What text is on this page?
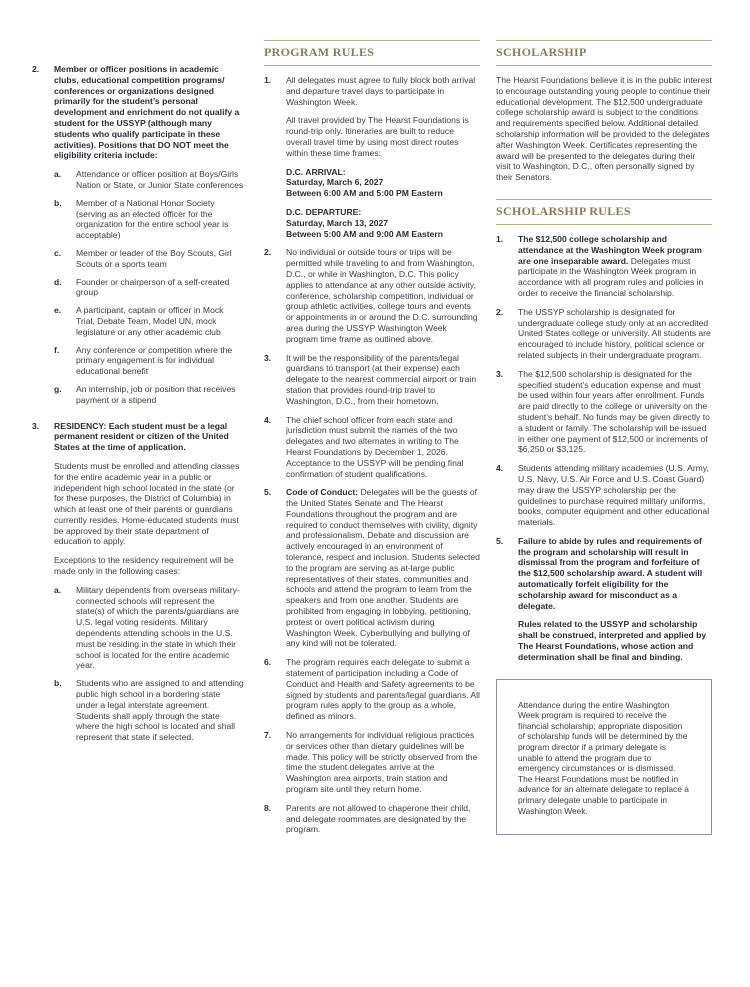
2.	Member or officer positions in academic clubs, educational competition programs/ conferences or organizations designed primarily for the student’s personal development and enrichment do not qualify a student for the USSYP (although many students who qualify participate in these activities). Positions that DO NOT meet the eligibility criteria include:
a.	Attendance or officer position at Boys/Girls Nation or State, or Junior State conferences
b.	Member of a National Honor Society (serving as an elected officer for the organization for the entire school year is acceptable)
c.	Member or leader of the Boy Scouts, Girl Scouts or a sports team
d.	Founder or chairperson of a self-created group
e.	A participant, captain or officer in Mock Trial, Debate Team, Model UN, mock legislature or any other academic club
f.	Any conference or competition where the primary engagement is for individual educational benefit
g.	An internship, job or position that receives payment or a stipend
3.	RESIDENCY: Each student must be a legal permanent resident or citizen of the United States at the time of application.

Students must be enrolled and attending classes for the entire academic year in a public or independent high school located in the state (or for these purposes, the District of Columbia) in which at least one of their parents or guardians currently resides. Home-educated students must be approved by their state department of education to apply.

Exceptions to the residency requirement will be made only in the following cases:

a.	Military dependents from overseas military-connected schools will represent the state(s) of which the parents/guardians are U.S. legal voting residents. Military dependents attending schools in the U.S. must be residing in the state in which their school is located for the entire academic year.
b.	Students who are assigned to and attending public high school in a bordering state under a legal interstate agreement. Students shall apply through the state where the high school is located and shall represent that state if selected.
PROGRAM RULES
1.	All delegates must agree to fully block both arrival and departure travel days to participate in Washington Week.

All travel provided by The Hearst Foundations is round-trip only. Itineraries are built to reduce overall travel time by using most direct routes within these time frames:

D.C. ARRIVAL:
Saturday, March 6, 2027
Between 6:00 AM and 5:00 PM Eastern
D.C. DEPARTURE:
Saturday, March 13, 2027
Between 5:00 AM and 9:00 AM Eastern
2.	No individual or outside tours or trips will be permitted while traveling to and from Washington, D.C., or while in Washington, D.C. This policy applies to attendance at any other outside activity, conference, scholarship competition, individual or group athletic activities, college tours and events or appointments in or around the D.C. surrounding area during the USSYP Washington Week program time frame as outlined above.
3.	It will be the responsibility of the parents/legal guardians to transport (at their expense) each delegate to the nearest commercial airport or train station that provides round-trip travel to Washington, D.C., from their hometown.
4.	The chief school officer from each state and jurisdiction must submit the names of the two delegates and two alternates in writing to The Hearst Foundations by December 1, 2026. Acceptance to the USSYP will be pending final confirmation of student qualifications.
5.	Code of Conduct: Delegates will be the guests of the United States Senate and The Hearst Foundations throughout the program and are required to conduct themselves with civility, dignity and professionalism. Debate and discussion are actively encouraged in an environment of tolerance, respect and inclusion. Students selected to the program are serving as at-large public representatives of their states, communities and schools and attend the program to learn from the speakers and from one another. Students are prohibited from engaging in lobbying, petitioning, protest or overt political activism during Washington Week. Cyberbullying and bullying of any kind will not be tolerated.
6.	The program requires each delegate to submit a statement of participation including a Code of Conduct and Health and Safety agreements to be signed by students and parents/legal guardians. All program rules apply to the group as a whole, defined as minors.
7.	No arrangements for individual religious practices or services other than dietary guidelines will be made. This policy will be strictly observed from the time the student delegates arrive at the Washington area airports, train station and program site until they return home.
8.	Parents are not allowed to chaperone their child, and delegate roommates are designated by the program.
SCHOLARSHIP
The Hearst Foundations believe it is in the public interest to encourage outstanding young people to continue their educational development. The $12,500 undergraduate college scholarship award is subject to the conditions and requirements specified below. Additional detailed scholarship information will be provided to the delegates after Washington Week. Certificates representing the award will be presented to the delegates during their visit to Washington, D.C., often personally signed by their Senators.
SCHOLARSHIP RULES
1.	The $12,500 college scholarship and attendance at the Washington Week program are one inseparable award. Delegates must participate in the Washington Week program in accordance with all program rules and policies in order to receive the financial scholarship.
2.	The USSYP scholarship is designated for undergraduate college study only at an accredited United States college or university. All students are encouraged to include history, political science or related subjects in their undergraduate program.
3.	The $12,500 scholarship is designated for the specified student’s education expense and must be used within four years after enrollment. Funds are paid directly to the college or university on the student’s behalf. No funds may be given directly to a student or family. The scholarship will be issued in either one payment of $12,500 or increments of $6,250 or $3,125.
4.	Students attending military academies (U.S. Army, U.S. Navy, U.S. Air Force and U.S. Coast Guard) may draw the USSYP scholarship per the guidelines to purchase required military uniforms, books, computer equipment and other educational materials.
5.	Failure to abide by rules and requirements of the program and scholarship will result in dismissal from the program and forfeiture of the $12,500 scholarship award. A student will automatically forfeit eligibility for the scholarship award for misconduct as a delegate.

Rules related to the USSYP and scholarship shall be construed, interpreted and applied by The Hearst Foundations, whose action and determination shall be final and binding.

Attendance during the entire Washington Week program is required to receive the financial scholarship; appropriate disposition of scholarship funds will be determined by the program director if a primary delegate is unable to attend the program due to emergency circumstances or is dismissed. The Hearst Foundations must be notified in advance for an alternate delegate to replace a primary delegate unable to participate in Washington Week.
